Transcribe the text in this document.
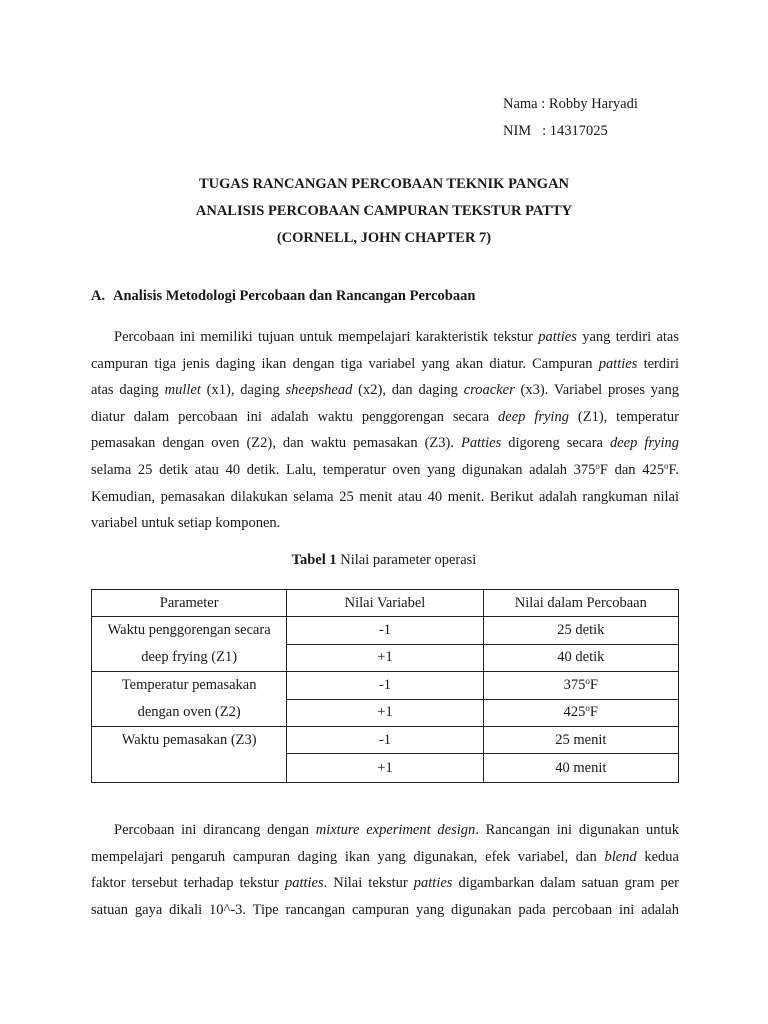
Nama : Robby Haryadi
NIM   : 14317025
TUGAS RANCANGAN PERCOBAAN TEKNIK PANGAN
ANALISIS PERCOBAAN CAMPURAN TEKSTUR PATTY
(CORNELL, JOHN CHAPTER 7)
A. Analisis Metodologi Percobaan dan Rancangan Percobaan
Percobaan ini memiliki tujuan untuk mempelajari karakteristik tekstur patties yang terdiri atas
campuran tiga jenis daging ikan dengan tiga variabel yang akan diatur. Campuran patties terdiri
atas daging mullet (x1), daging sheepshead (x2), dan daging croacker (x3). Variabel proses yang
diatur dalam percobaan ini adalah waktu penggorengan secara deep frying (Z1), temperatur
pemasakan dengan oven (Z2), dan waktu pemasakan (Z3). Patties digoreng secara deep frying
selama 25 detik atau 40 detik. Lalu, temperatur oven yang digunakan adalah 375$^o$F dan 425$^o$F.
Kemudian, pemasakan dilakukan selama 25 menit atau 40 menit. Berikut adalah rangkuman nilai
variabel untuk setiap komponen.
Tabel 1 Nilai parameter operasi
Parameter	Nilai Variabel	Nilai dalam Percobaan

Waktu penggorengan secara
deep frying (Z1)	-1	25 detik
	+1	40 detik

Temperatur pemasakan
dengan oven (Z2)	-1	375$^o$F
	+1	425$^o$F

Waktu pemasakan (Z3)	-1	25 menit
	+1	40 menit
Percobaan ini dirancang dengan mixture experiment design. Rancangan ini digunakan untuk
mempelajari pengaruh campuran daging ikan yang digunakan, efek variabel, dan blend kedua
faktor tersebut terhadap tekstur patties. Nilai tekstur patties digambarkan dalam satuan gram per
satuan gaya dikali 10^-3. Tipe rancangan campuran yang digunakan pada percobaan ini adalah
